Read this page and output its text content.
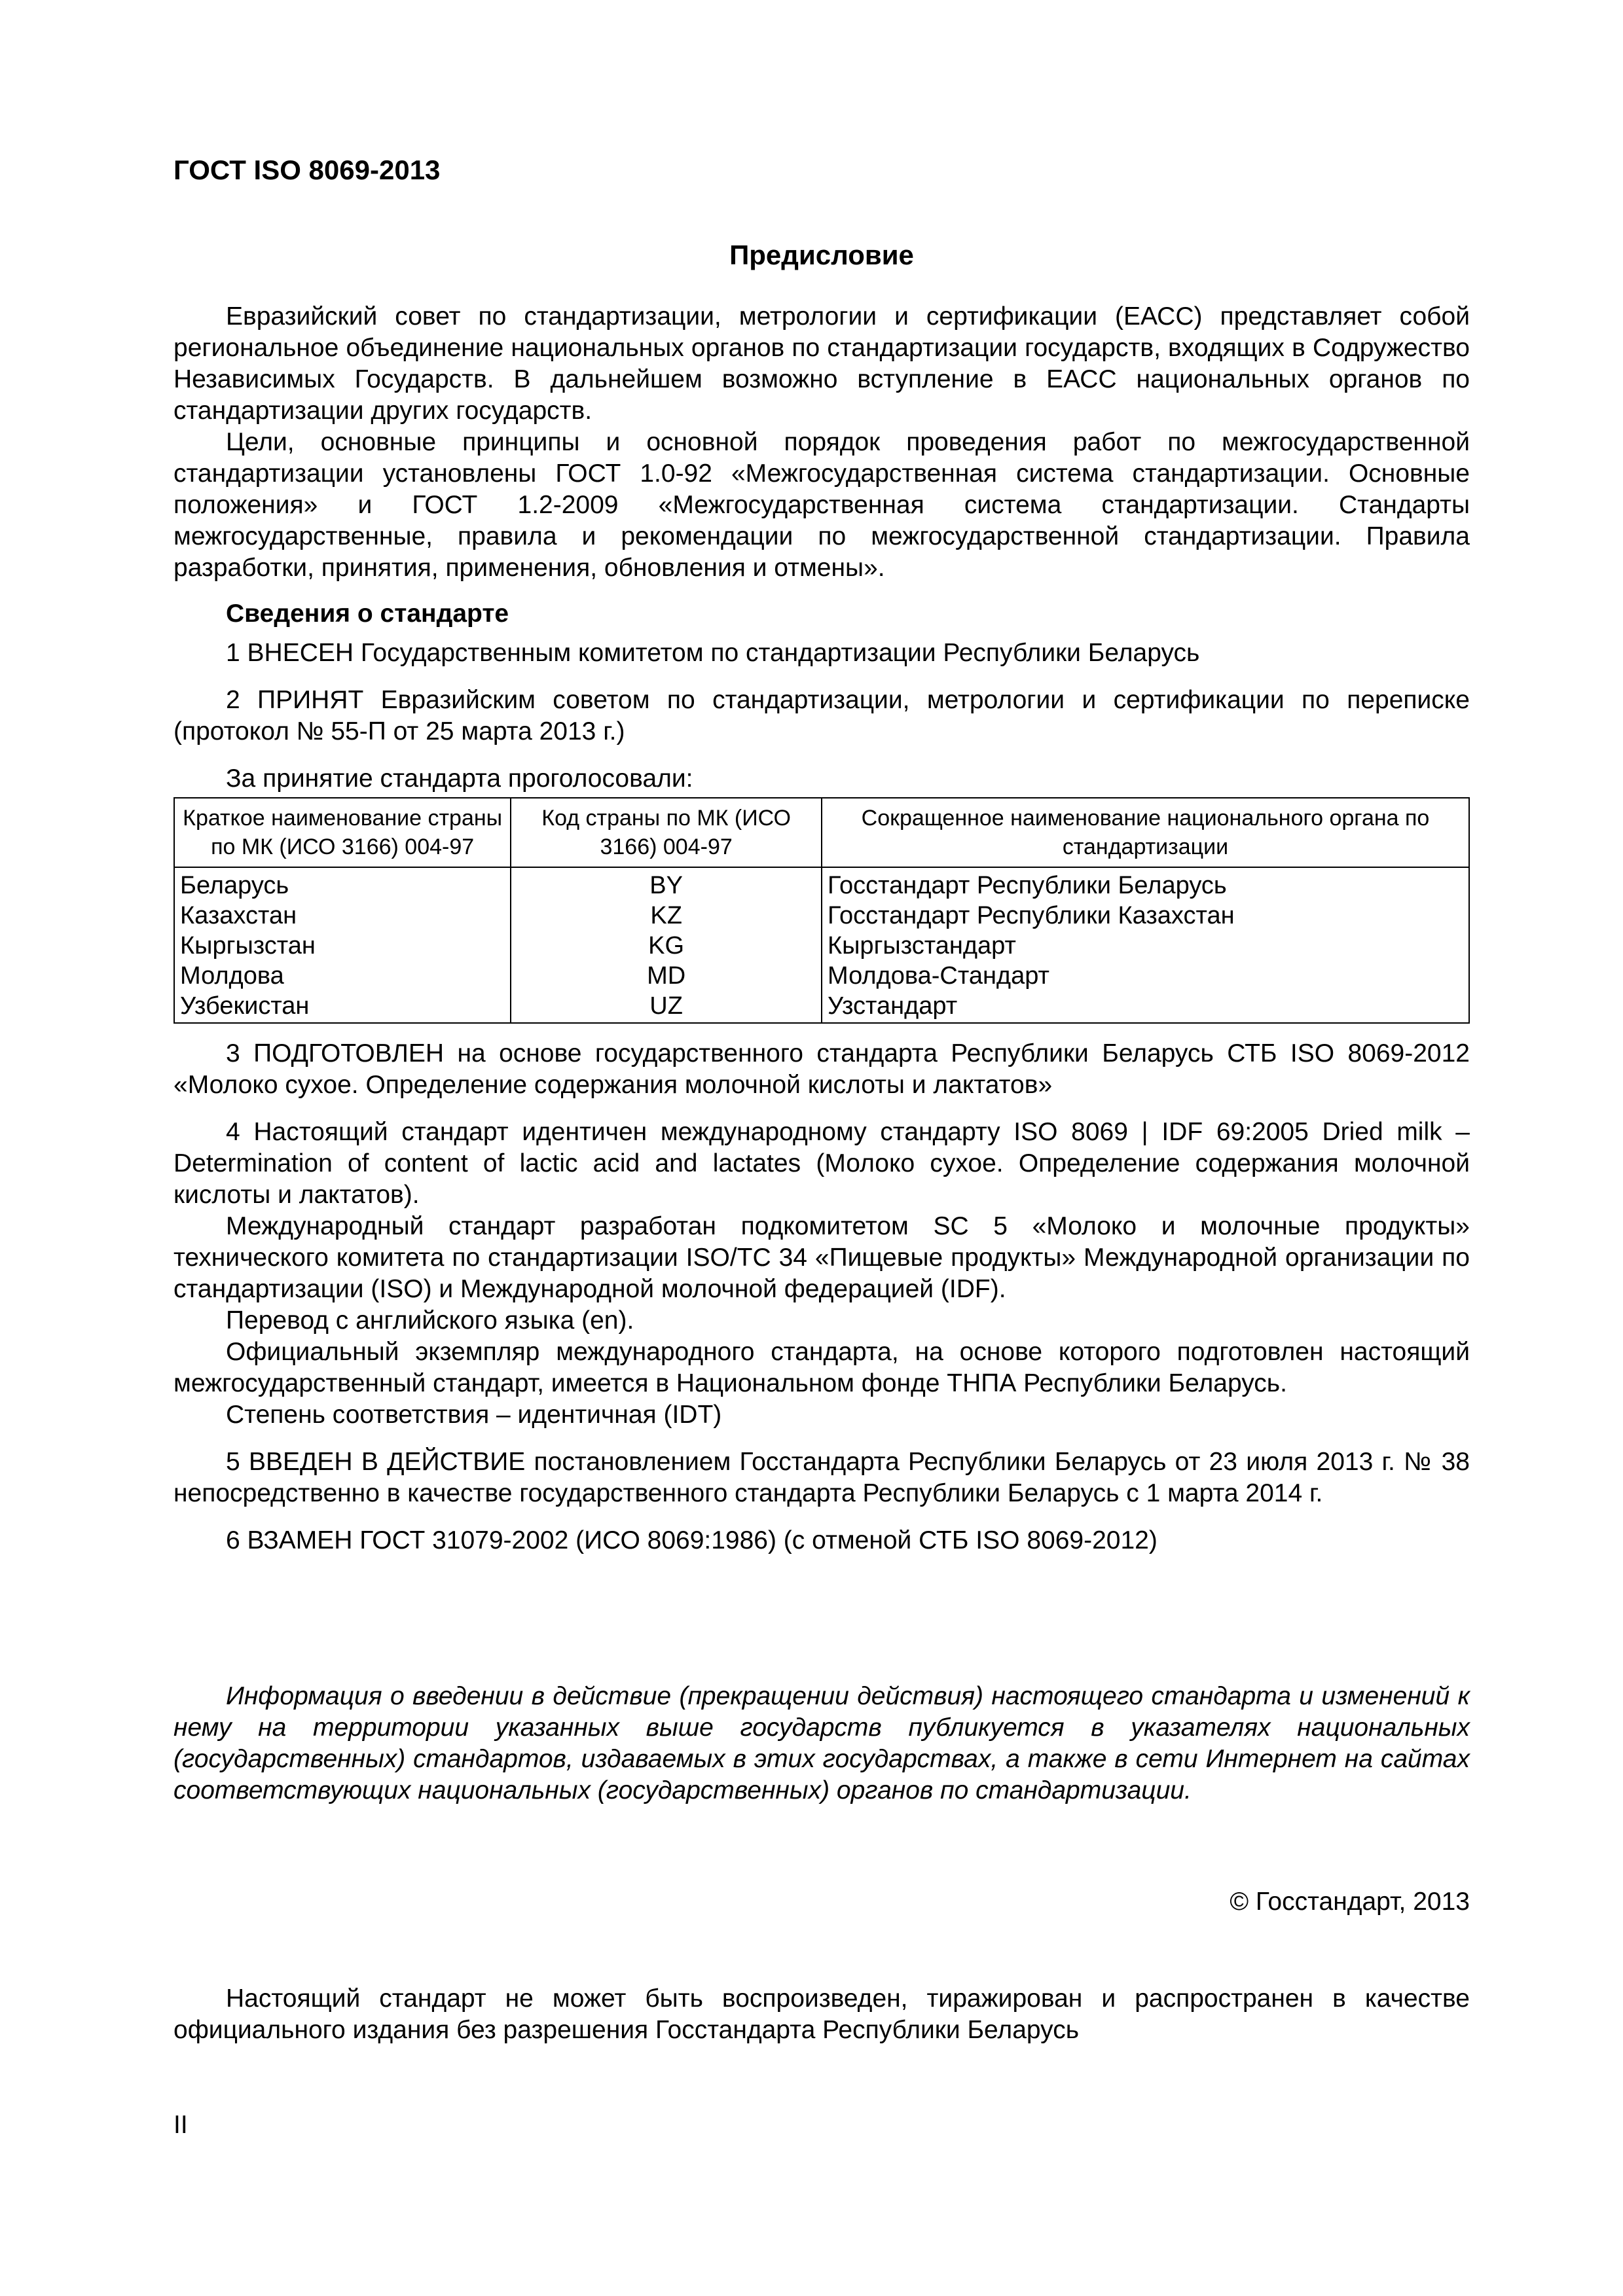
ГОСТ ISO 8069-2013
Предисловие

Евразийский совет по стандартизации, метрологии и сертификации (ЕАСС) представляет собой региональное объединение национальных органов по стандартизации государств, входящих в Содружество Независимых Государств. В дальнейшем возможно вступление в ЕАСС национальных органов по стандартизации других государств.

Цели, основные принципы и основной порядок проведения работ по межгосударственной стандартизации установлены ГОСТ 1.0-92 «Межгосударственная система стандартизации. Основные положения» и ГОСТ 1.2-2009 «Межгосударственная система стандартизации. Стандарты межгосударственные, правила и рекомендации по межгосударственной стандартизации. Правила разработки, принятия, применения, обновления и отмены».

Сведения о стандарте

1 ВНЕСЕН Государственным комитетом по стандартизации Республики Беларусь

2 ПРИНЯТ Евразийским советом по стандартизации, метрологии и сертификации по переписке (протокол № 55-П от 25 марта 2013 г.)

За принятие стандарта проголосовали:

Краткое наименование страны по МК (ИСО 3166) 004-97	Код страны по МК (ИСО 3166) 004-97	Сокращенное наименование национального органа по стандартизации
Беларусь	BY	Госстандарт Республики Беларусь
Казахстан	KZ	Госстандарт Республики Казахстан
Кыргызстан	KG	Кыргызстандарт
Молдова	MD	Молдова-Стандарт
Узбекистан	UZ	Узстандарт

3 ПОДГОТОВЛЕН на основе государственного стандарта Республики Беларусь СТБ ISO 8069-2012 «Молоко сухое. Определение содержания молочной кислоты и лактатов»

4 Настоящий стандарт идентичен международному стандарту ISO 8069 | IDF 69:2005 Dried milk – Determination of content of lactic acid and lactates (Молоко сухое. Определение содержания молочной кислоты и лактатов).

Международный стандарт разработан подкомитетом SC 5 «Молоко и молочные продукты» технического комитета по стандартизации ISO/TC 34 «Пищевые продукты» Международной организации по стандартизации (ISO) и Международной молочной федерацией (IDF).

Перевод с английского языка (en).

Официальный экземпляр международного стандарта, на основе которого подготовлен настоящий межгосударственный стандарт, имеется в Национальном фонде ТНПА Республики Беларусь.

Степень соответствия – идентичная (IDT)

5 ВВЕДЕН В ДЕЙСТВИЕ постановлением Госстандарта Республики Беларусь от 23 июля 2013 г. № 38 непосредственно в качестве государственного стандарта Республики Беларусь с 1 марта 2014 г.

6 ВЗАМЕН ГОСТ 31079-2002 (ИСО 8069:1986) (с отменой СТБ ISO 8069-2012)

Информация о введении в действие (прекращении действия) настоящего стандарта и изменений к нему на территории указанных выше государств публикуется в указателях национальных (государственных) стандартов, издаваемых в этих государствах, а также в сети Интернет на сайтах соответствующих национальных (государственных) органов по стандартизации.

© Госстандарт, 2013

Настоящий стандарт не может быть воспроизведен, тиражирован и распространен в качестве официального издания без разрешения Госстандарта Республики Беларусь

II
